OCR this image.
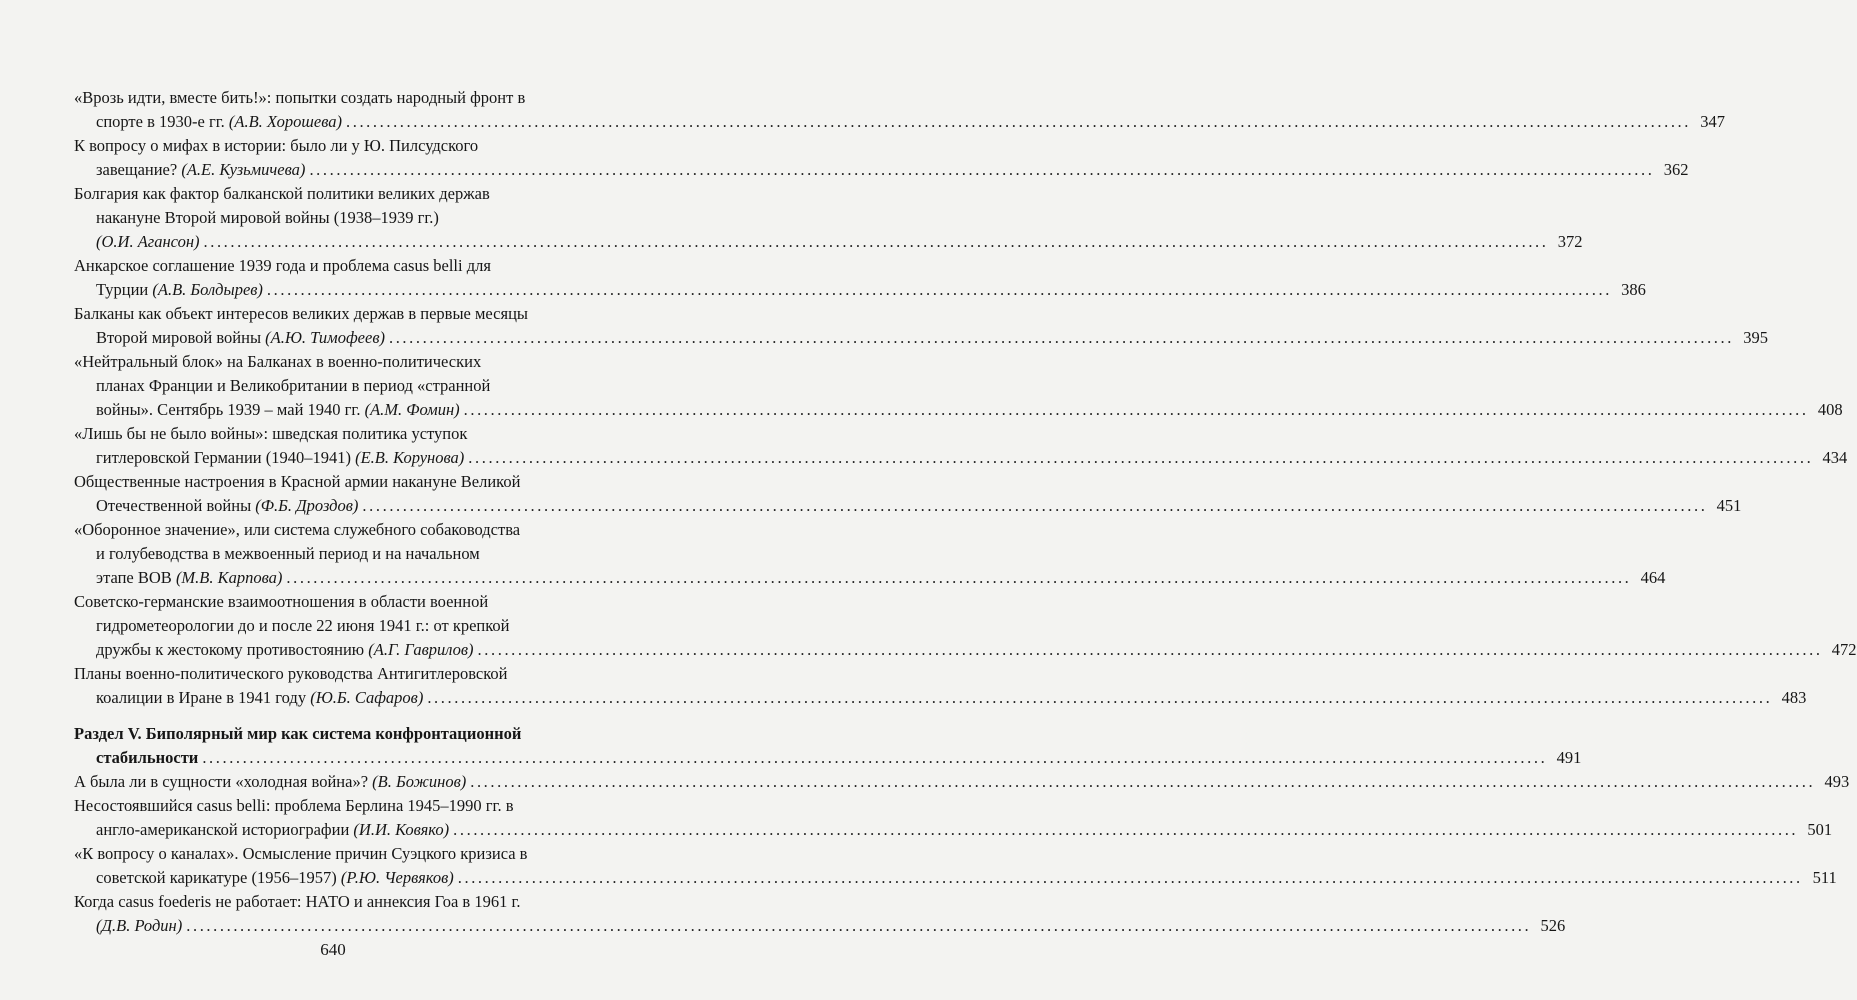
«Врозь идти, вместе бить!»: попытки создать народный фронт в
спорте в 1930-е гг. (А.В. Хорошева) ........................................................................................................................................................................................................ 347
К вопросу о мифах в истории: было ли у Ю. Пилсудского
завещание? (А.Е. Кузьмичева) ........................................................................................................................................................................................................ 362
Болгария как фактор балканской политики великих держав
накануне Второй мировой войны (1938–1939 гг.)
(О.И. Агансон) ........................................................................................................................................................................................................ 372
Анкарское соглашение 1939 года и проблема casus belli для
Турции (А.В. Болдырев) ........................................................................................................................................................................................................ 386
Балканы как объект интересов великих держав в первые месяцы
Второй мировой войны (А.Ю. Тимофеев) ........................................................................................................................................................................................................ 395
«Нейтральный блок» на Балканах в военно-политических
планах Франции и Великобритании в период «странной
войны». Сентябрь 1939 – май 1940 гг. (А.М. Фомин) ........................................................................................................................................................................................................ 408
«Лишь бы не было войны»: шведская политика уступок
гитлеровской Германии (1940–1941) (Е.В. Корунова) ........................................................................................................................................................................................................ 434
Общественные настроения в Красной армии накануне Великой
Отечественной войны (Ф.Б. Дроздов) ........................................................................................................................................................................................................ 451
«Оборонное значение», или система служебного собаководства
и голубеводства в межвоенный период и на начальном
этапе ВОВ (М.В. Карпова) ........................................................................................................................................................................................................ 464
Советско-германские взаимоотношения в области военной
гидрометеорологии до и после 22 июня 1941 г.: от крепкой
дружбы к жестокому противостоянию (А.Г. Гаврилов) ........................................................................................................................................................................................................ 472
Планы военно-политического руководства Антигитлеровской
коалиции в Иране в 1941 году (Ю.Б. Сафаров) ........................................................................................................................................................................................................ 483
Раздел V. Биполярный мир как система конфронтационной
стабильности ........................................................................................................................................................................................................ 491
А была ли в сущности «холодная война»? (В. Божинов) ........................................................................................................................................................................................................ 493
Несостоявшийся casus belli: проблема Берлина 1945–1990 гг. в
англо-американской историографии (И.И. Ковяко) ........................................................................................................................................................................................................ 501
«К вопросу о каналах». Осмысление причин Суэцкого кризиса в
советской карикатуре (1956–1957) (Р.Ю. Червяков) ........................................................................................................................................................................................................ 511
Когда casus foederis не работает: НАТО и аннексия Гоа в 1961 г.
(Д.В. Родин) ........................................................................................................................................................................................................ 526
640
